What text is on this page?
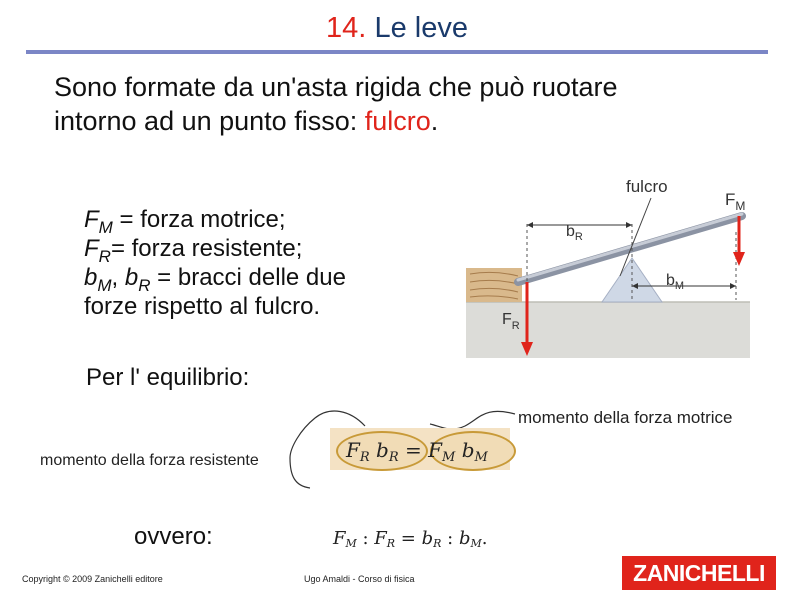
14. Le leve
Sono formate da un'asta rigida che può ruotare
intorno ad un punto fisso: fulcro.
$F_M$ = forza motrice;
$F_R=$ forza resistente;
$b_M$, $b_R$ = bracci delle due
forze rispetto al fulcro.
fulcro
$F_M$
$b_R$
$b_M$
$F_R$
Per l' equilibrio:
$F_R$ $b_R = F_M$ $b_M$
momento della forza resistente
momento della forza motrice
ovvero:	$F_M$ : $F_R = b_R$ : $b_M$.
Copyright © 2009 Zanichelli editore	Ugo Amaldi - Corso di fisica	ZANICHELLI
